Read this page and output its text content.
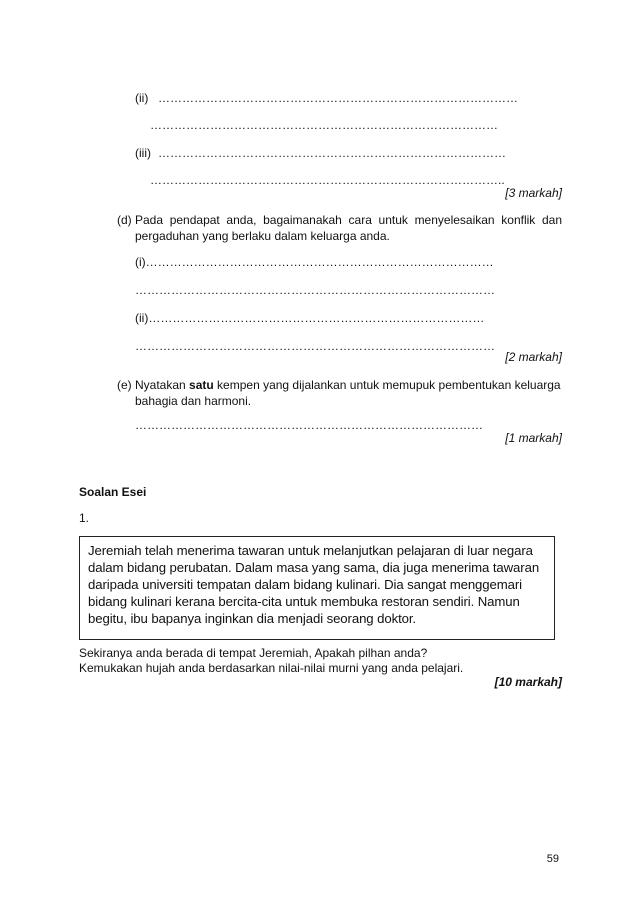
(ii) ………………………………………………………………………………
……………………………………………………………………………
(iii) ……………………………………………………………………………
……………………………………………………………………………..
[3 markah]
(d) Pada pendapat anda, bagaimanakah cara untuk menyelesaikan konflik dan
pergaduhan yang berlaku dalam keluarga anda.
(i)……………………………………………………………………………
………………………………………………………………………………
(ii)…………………………………………………………………………
………………………………………………………………………………
[2 markah]
(e) Nyatakan satu kempen yang dijalankan untuk memupuk pembentukan keluarga
bahagia dan harmoni.
……………………………………………………………………………
[1 markah]
Soalan Esei
1.
Jeremiah telah menerima tawaran untuk melanjutkan pelajaran di luar negara
dalam bidang perubatan. Dalam masa yang sama, dia juga menerima tawaran
daripada universiti tempatan dalam bidang kulinari. Dia sangat menggemari
bidang kulinari kerana bercita-cita untuk membuka restoran sendiri. Namun
begitu, ibu bapanya inginkan dia menjadi seorang doktor.
Sekiranya anda berada di tempat Jeremiah, Apakah pilhan anda?
Kemukakan hujah anda berdasarkan nilai-nilai murni yang anda pelajari.
[10 markah]
59
